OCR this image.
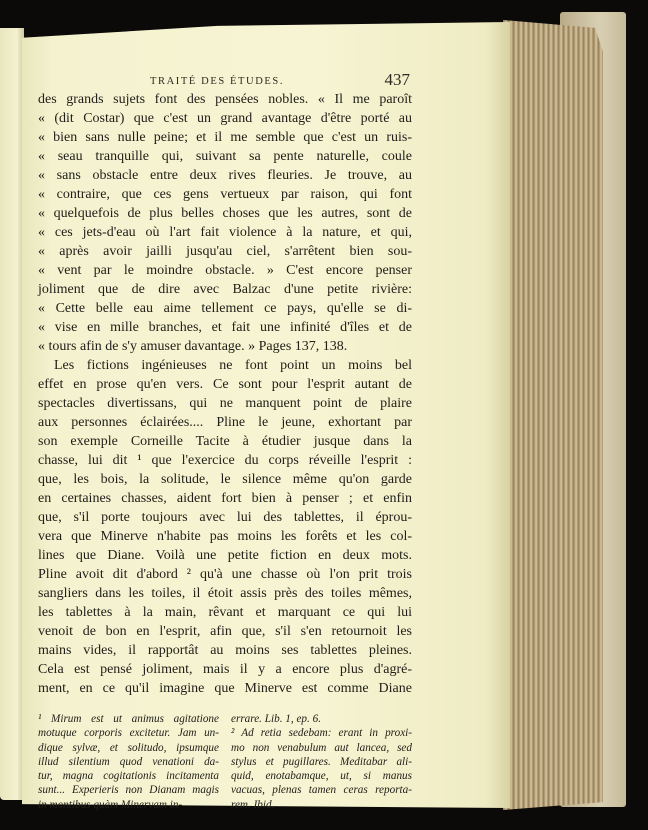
TRAITÉ DES ÉTUDES.	437
des grands sujets font des pensées nobles. « Il me paroît
« (dit Costar) que c'est un grand avantage d'être porté au
« bien sans nulle peine; et il me semble que c'est un ruis-
« seau tranquille qui, suivant sa pente naturelle, coule
« sans obstacle entre deux rives fleuries. Je trouve, au
« contraire, que ces gens vertueux par raison, qui font
« quelquefois de plus belles choses que les autres, sont de
« ces jets-d'eau où l'art fait violence à la nature, et qui,
« après avoir jailli jusqu'au ciel, s'arrêtent bien sou-
« vent par le moindre obstacle. » C'est encore penser
joliment que de dire avec Balzac d'une petite rivière:
« Cette belle eau aime tellement ce pays, qu'elle se di-
« vise en mille branches, et fait une infinité d'îles et de
« tours afin de s'y amuser davantage. » Pages 137, 138.
Les fictions ingénieuses ne font point un moins bel
effet en prose qu'en vers. Ce sont pour l'esprit autant de
spectacles divertissans, qui ne manquent point de plaire
aux personnes éclairées.... Pline le jeune, exhortant par
son exemple Corneille Tacite à étudier jusque dans la
chasse, lui dit ¹ que l'exercice du corps réveille l'esprit :
que, les bois, la solitude, le silence même qu'on garde
en certaines chasses, aident fort bien à penser ; et enfin
que, s'il porte toujours avec lui des tablettes, il éprou-
vera que Minerve n'habite pas moins les forêts et les col-
lines que Diane. Voilà une petite fiction en deux mots.
Pline avoit dit d'abord ² qu'à une chasse où l'on prit trois
sangliers dans les toiles, il étoit assis près des toiles mêmes,
les tablettes à la main, rêvant et marquant ce qui lui
venoit de bon en l'esprit, afin que, s'il s'en retournoit les
mains vides, il rapportât au moins ses tablettes pleines.
Cela est pensé joliment, mais il y a encore plus d'agré-
ment, en ce qu'il imagine que Minerve est comme Diane
¹ Mirum est ut animus agitatione
motuque corporis excitetur. Jam un-
dique sylvæ, et solitudo, ipsumque
illud silentium quod venationi da-
tur, magna cogitationis incitamenta
sunt... Experieris non Dianam magis
in montibus quàm Minervam in-
errare. Lib. 1, ep. 6.
² Ad retia sedebam: erant in proxi-
mo non venabulum aut lancea, sed
stylus et pugillares. Meditabar ali-
quid, enotabamque, ut, si manus
vacuas, plenas tamen ceras reporta-
rem. Ibid.
